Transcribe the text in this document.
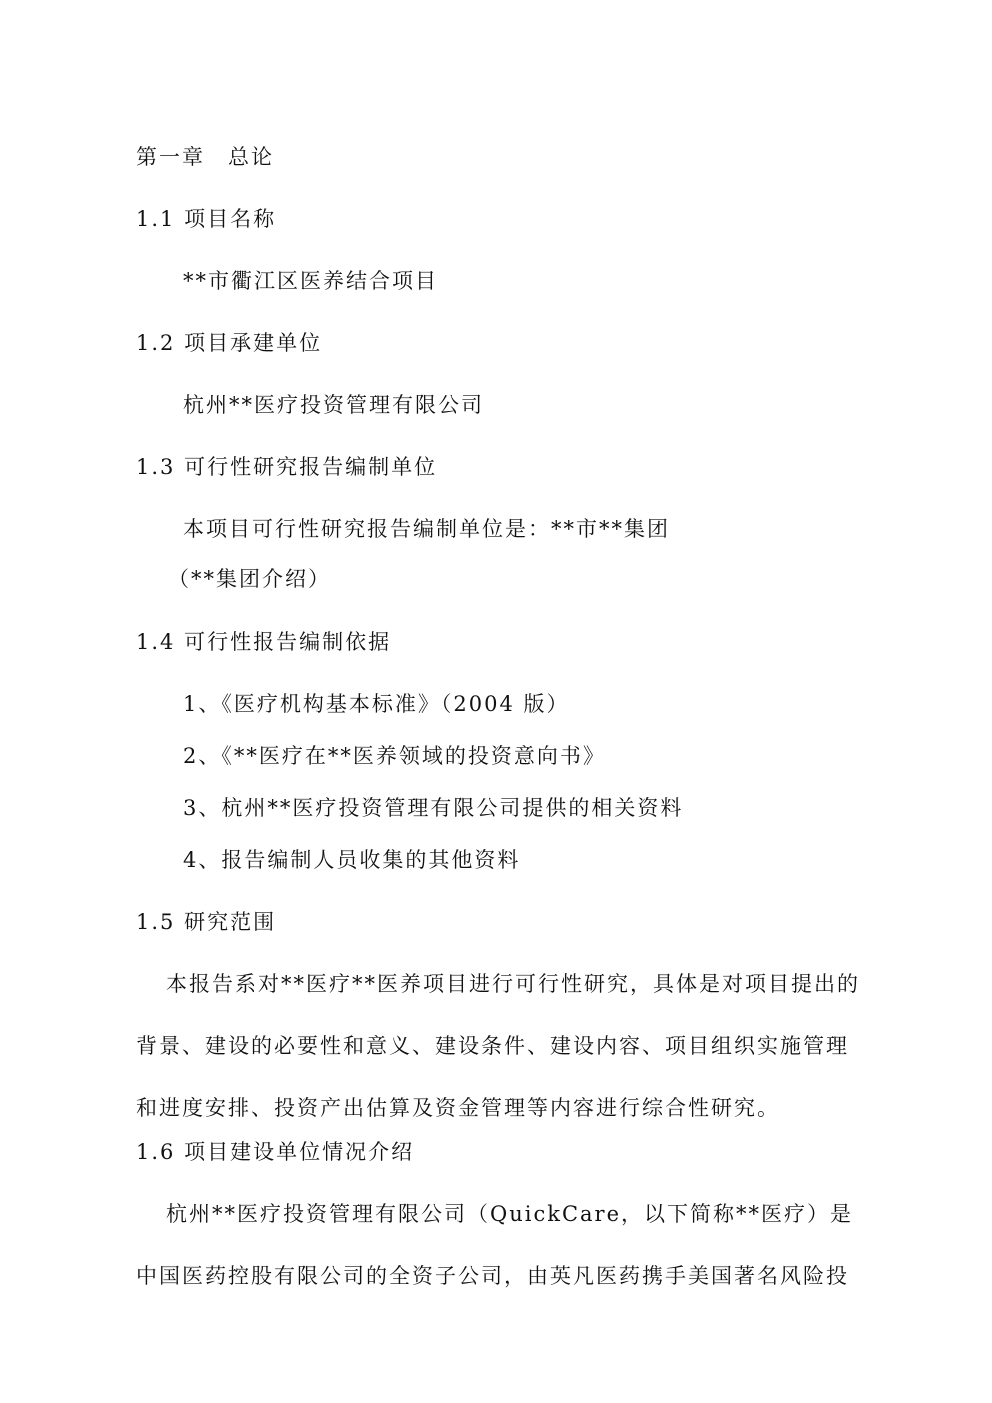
第一章　总论
1.1 项目名称
**市衢江区医养结合项目
1.2 项目承建单位
杭州**医疗投资管理有限公司
1.3 可行性研究报告编制单位
本项目可行性研究报告编制单位是：**市**集团
（**集团介绍）
1.4 可行性报告编制依据
1、《医疗机构基本标准》（2004 版）
2、《**医疗在**医养领域的投资意向书》
3、杭州**医疗投资管理有限公司提供的相关资料
4、报告编制人员收集的其他资料
1.5 研究范围

本报告系对**医疗**医养项目进行可行性研究，具体是对项目提出的背景、建设的必要性和意义、建设条件、建设内容、项目组织实施管理和进度安排、投资产出估算及资金管理等内容进行综合性研究。

1.6 项目建设单位情况介绍

杭州**医疗投资管理有限公司（QuickCare，以下简称**医疗）是中国医药控股有限公司的全资子公司，由英凡医药携手美国著名风险投
